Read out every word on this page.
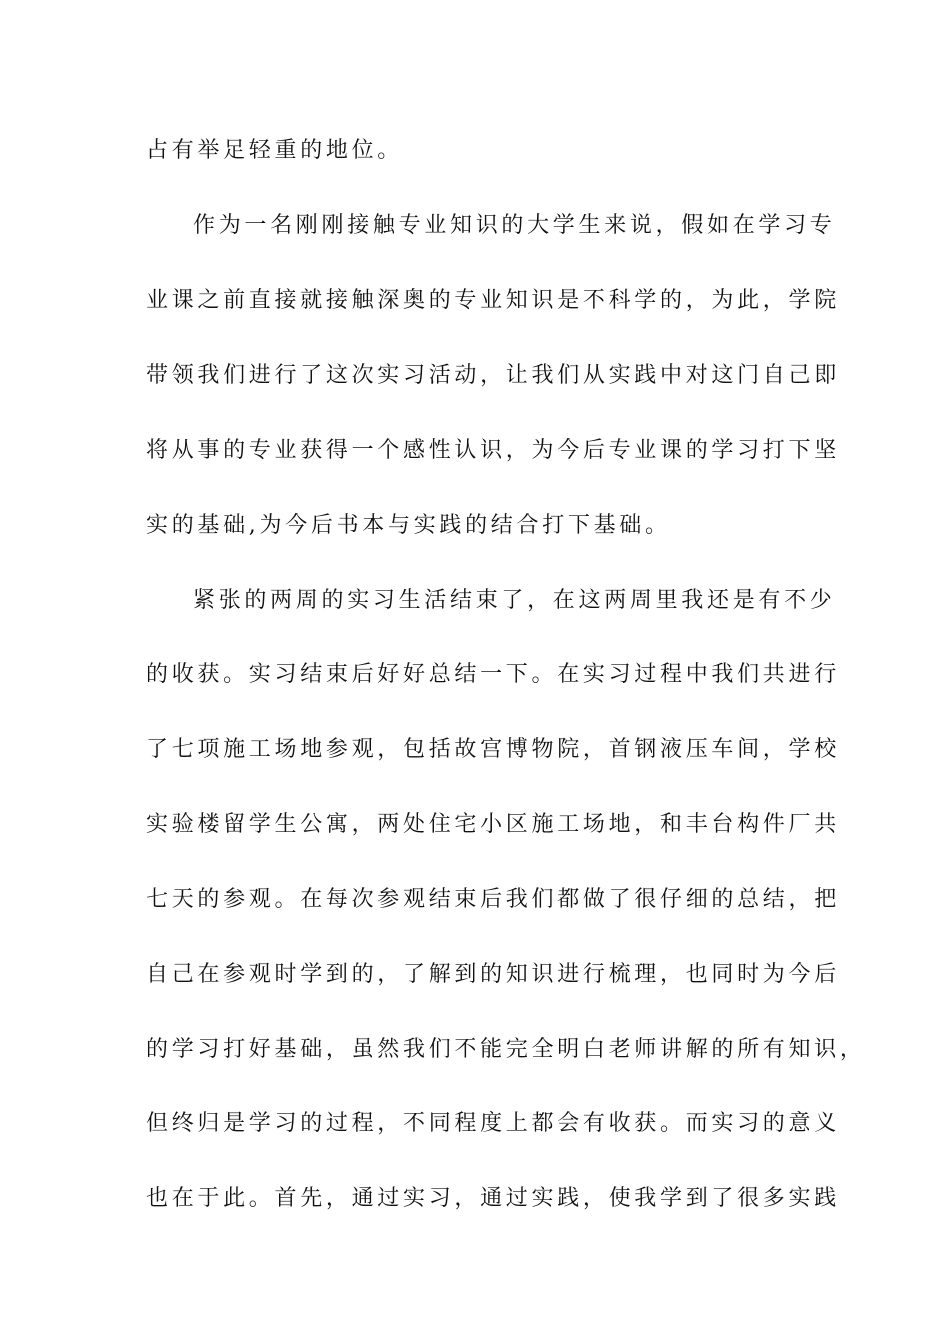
占有举足轻重的地位。
作为一名刚刚接触专业知识的大学生来说，假如在学习专
业课之前直接就接触深奥的专业知识是不科学的，为此，学院
带领我们进行了这次实习活动，让我们从实践中对这门自己即
将从事的专业获得一个感性认识，为今后专业课的学习打下坚
实的基础,为今后书本与实践的结合打下基础。
紧张的两周的实习生活结束了，在这两周里我还是有不少
的收获。实习结束后好好总结一下。在实习过程中我们共进行
了七项施工场地参观，包括故宫博物院，首钢液压车间，学校
实验楼留学生公寓，两处住宅小区施工场地，和丰台构件厂共
七天的参观。在每次参观结束后我们都做了很仔细的总结，把
自己在参观时学到的，了解到的知识进行梳理，也同时为今后
的学习打好基础，虽然我们不能完全明白老师讲解的所有知识，
但终归是学习的过程，不同程度上都会有收获。而实习的意义
也在于此。首先，通过实习，通过实践，使我学到了很多实践
